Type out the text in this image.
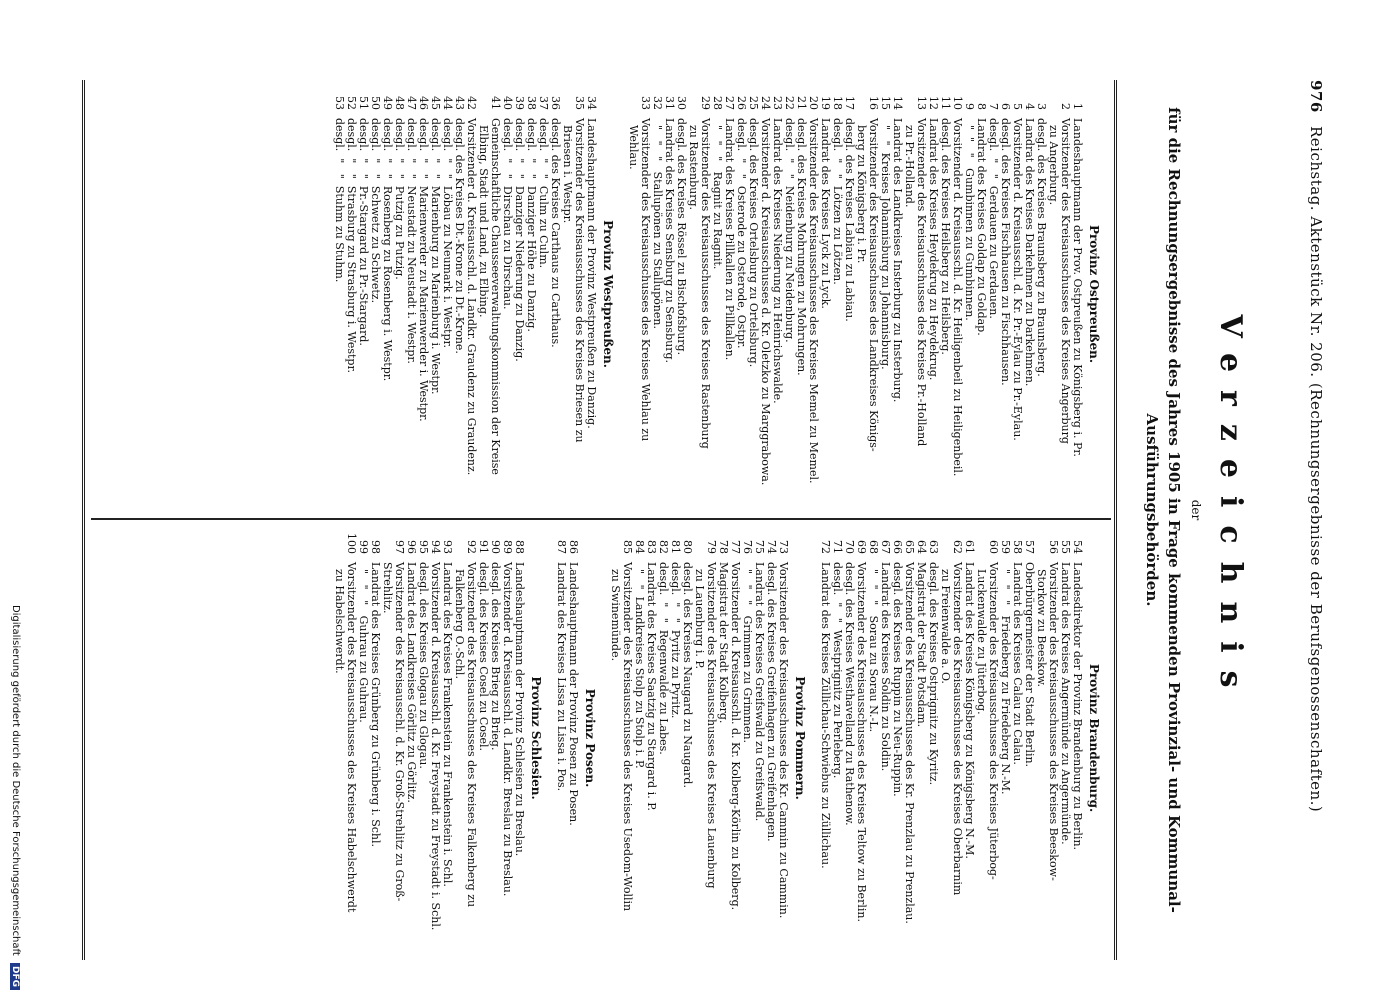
976
Reichstag. Aktenstück Nr. 206. (Rechnungsergebnisse der Berufsgenossenschaften.)
Verzeichnis
der
für die Rechnungsergebnisse des Jahres 1905 in Frage kommenden Provinzial- und Kommunal-
Ausführungsbehörden.
Provinz Ostpreußen.
1
Landeshauptmann der Prov. Ostpreußen zu Königsberg i. Pr.
2
Vorsitzender des Kreisausschusses des Kreises Angerburg
zu Angerburg.
3
desgl. des Kreises Braunsberg zu Braunsberg.
4
Landrat des Kreises Darkehmen zu Darkehmen.
5
Vorsitzender d. Kreisausschl. d. Kr. Pr.-Eylau zu Pr.-Eylau.
6
desgl. des Kreises Fischhausen zu Fischhausen.
7
desgl.  "   "  Gerdauen zu Gerdauen.
8
Landrat des Kreises Goldap zu Goldap.
9
"  "   "   Gumbinnen zu Gumbinnen.
10
Vorsitzender d. Kreisausschl. d. Kr. Heiligenbeil zu Heiligenbeil.
11
desgl. des Kreises Heilsberg zu Heilsberg.
12
Landrat des Kreises Heydekrug zu Heydekrug.
13
Vorsitzender des Kreisausschusses des Kreises Pr.-Holland
zu Pr.-Holland.
14
Landrat des Landkreises Insterburg zu Insterburg.
15
"   "  Kreises Johannisburg zu Johannisburg.
16
Vorsitzender des Kreisausschusses des Landkreises Königs-
berg zu Königsberg i. Pr.
17
desgl. des Kreises Labiau zu Labiau.
18
desgl.  "   "  Lötzen zu Lötzen.
19
Landrat des Kreises Lyck zu Lyck.
20
Vorsitzender des Kreisausschusses des Kreises Memel zu Memel.
21
desgl. des Kreises Mohrungen zu Mohrungen.
22
desgl.  "   "  Neidenburg zu Neidenburg.
23
Landrat des Kreises Niederung zu Heinrichswalde.
24
Vorsitzender d. Kreisausschusses d. Kr. Oletzko zu Marggrabowa.
25
desgl. des Kreises Ortelsburg zu Ortelsburg.
26
desgl.  "   "  Osterode zu Osterode, Ostpr.
27
Landrat des Kreises Pillkallen zu Pillkallen.
28
"   "   "   Ragnit zu Ragnit.
29
Vorsitzender des Kreisausschusses des Kreises Rastenburg
zu Rastenburg.
30
desgl. des Kreises Rössel zu Bischofsburg.
31
Landrat des Kreises Sensburg zu Sensburg.
32
"   "   "   Stallupönen zu Stallupönen.
33
Vorsitzender des Kreisausschusses des Kreises Wehlau zu
Wehlau.
Provinz Westpreußen.
34
Landeshauptmann der Provinz Westpreußen zu Danzig.
35
Vorsitzender des Kreisausschusses des Kreises Briesen zu
Briesen i. Westpr.
36
desgl. des Kreises Carthaus zu Carthaus.
37
desgl.  "   "  Culm zu Culm.
38
desgl.  "   "  Danziger Höhe zu Danzig.
39
desgl.  "   "  Danziger Niederung zu Danzig.
40
desgl.  "   "  Dirschau zu Dirschau.
41
Gemeinschaftliche Chausseeverwaltungskommission der Kreise
Elbing, Stadt und Land, zu Elbing.
42
Vorsitzender d. Kreisausschl. d. Landkr. Graudenz zu Graudenz.
43
desgl. des Kreises Dt.-Krone zu Dt.-Krone.
44
desgl.  "   "  Löbau zu Neumark i. Westpr.
45
desgl.  "   "  Marienburg zu Marienburg i. Westpr.
46
desgl.  "   "  Marienwerder zu Marienwerder i. Westpr.
47
desgl.  "   "  Neustadt zu Neustadt i. Westpr.
48
desgl.  "   "  Putzig zu Putzig.
49
desgl.  "   "  Rosenberg zu Rosenberg i. Westpr.
50
desgl.  "   "  Schwetz zu Schwetz.
51
desgl.  "   "  Pr.-Stargard zu Pr.-Stargard.
52
desgl.  "   "  Strasburg zu Strasburg i. Westpr.
53
desgl.  "   "  Stuhm zu Stuhm.
Provinz Brandenburg.
54
Landesdirektor der Provinz Brandenburg zu Berlin.
55
Landrat des Kreises Angermünde zu Angermünde.
56
Vorsitzender des Kreisausschusses des Kreises Beeskow-
Storkow zu Beeskow.
57
Oberbürgermeister der Stadt Berlin.
58
Landrat des Kreises Calau zu Calau.
59
"   "   "   Friedeberg zu Friedeberg N.-M.
60
Vorsitzender des Kreisausschusses des Kreises Jüterbog-
Luckenwalde zu Jüterbog.
61
Landrat des Kreises Königsberg zu Königsberg N.-M.
62
Vorsitzender des Kreisausschusses des Kreises Oberbarnim
zu Freienwalde a. O.
63
desgl. des Kreises Ostprignitz zu Kyritz.
64
Magistrat der Stadt Potsdam.
65
Vorsitzender des Kreisausschusses des Kr. Prenzlau zu Prenzlau.
66
desgl. des Kreises Ruppin zu Neu-Ruppin.
67
Landrat des Kreises Soldin zu Soldin.
68
"   "   "   Sorau zu Sorau N.-L.
69
Vorsitzender des Kreisausschusses des Kreises Teltow zu Berlin.
70
desgl. des Kreises Westhavelland zu Rathenow.
71
desgl.  "   "  Westprignitz zu Perleberg.
72
Landrat des Kreises Züllichau-Schwiebus zu Züllichau.
Provinz Pommern.
73
Vorsitzender des Kreisausschusses des Kr. Cammin zu Cammin.
74
desgl. des Kreises Greifenhagen zu Greifenhagen.
75
Landrat des Kreises Greifswald zu Greifswald.
76
"   "   "   Grimmen zu Grimmen.
77
Vorsitzender d. Kreisausschl. d. Kr. Kolberg-Körlin zu Kolberg.
78
Magistrat der Stadt Kolberg.
79
Vorsitzender des Kreisausschusses des Kreises Lauenburg
zu Lauenburg i. P.
80
desgl. des Kreises Naugard zu Naugard.
81
desgl.  "   "  Pyritz zu Pyritz.
82
desgl.  "   "  Regenwalde zu Labes.
83
Landrat des Kreises Saatzig zu Stargard i. P.
84
"   "  Landkreises Stolp zu Stolp i. P.
85
Vorsitzender des Kreisausschusses des Kreises Usedom-Wollin
zu Swinemünde.
Provinz Posen.
86
Landeshauptmann der Provinz Posen zu Posen.
87
Landrat des Kreises Lissa zu Lissa i. Pos.
Provinz Schlesien.
88
Landeshauptmann der Provinz Schlesien zu Breslau.
89
Vorsitzender d. Kreisausschl. d. Landkr. Breslau zu Breslau.
90
desgl. des Kreises Brieg zu Brieg.
91
desgl. des Kreises Cosel zu Cosel.
92
Vorsitzender des Kreisausschusses des Kreises Falkenberg zu
Falkenberg O.-Schl.
93
Landrat des Kreises Frankenstein zu Frankenstein i. Schl.
94
Vorsitzender d. Kreisausschl. d. Kr. Freystadt zu Freystadt i. Schl.
95
desgl. des Kreises Glogau zu Glogau.
96
Landrat des Landkreises Görlitz zu Görlitz.
97
Vorsitzender des Kreisausschl. d. Kr. Groß-Strehlitz zu Groß-Strehlitz.
98
Landrat des Kreises Grünberg zu Grünberg i. Schl.
99
"   "   "   Guhrau zu Guhrau.
100
Vorsitzender des Kreisausschusses des Kreises Habelschwerdt
zu Habelschwerdt.
Digitalisierung gefördert durch die Deutsche Forschungsgemeinschaft DFG
